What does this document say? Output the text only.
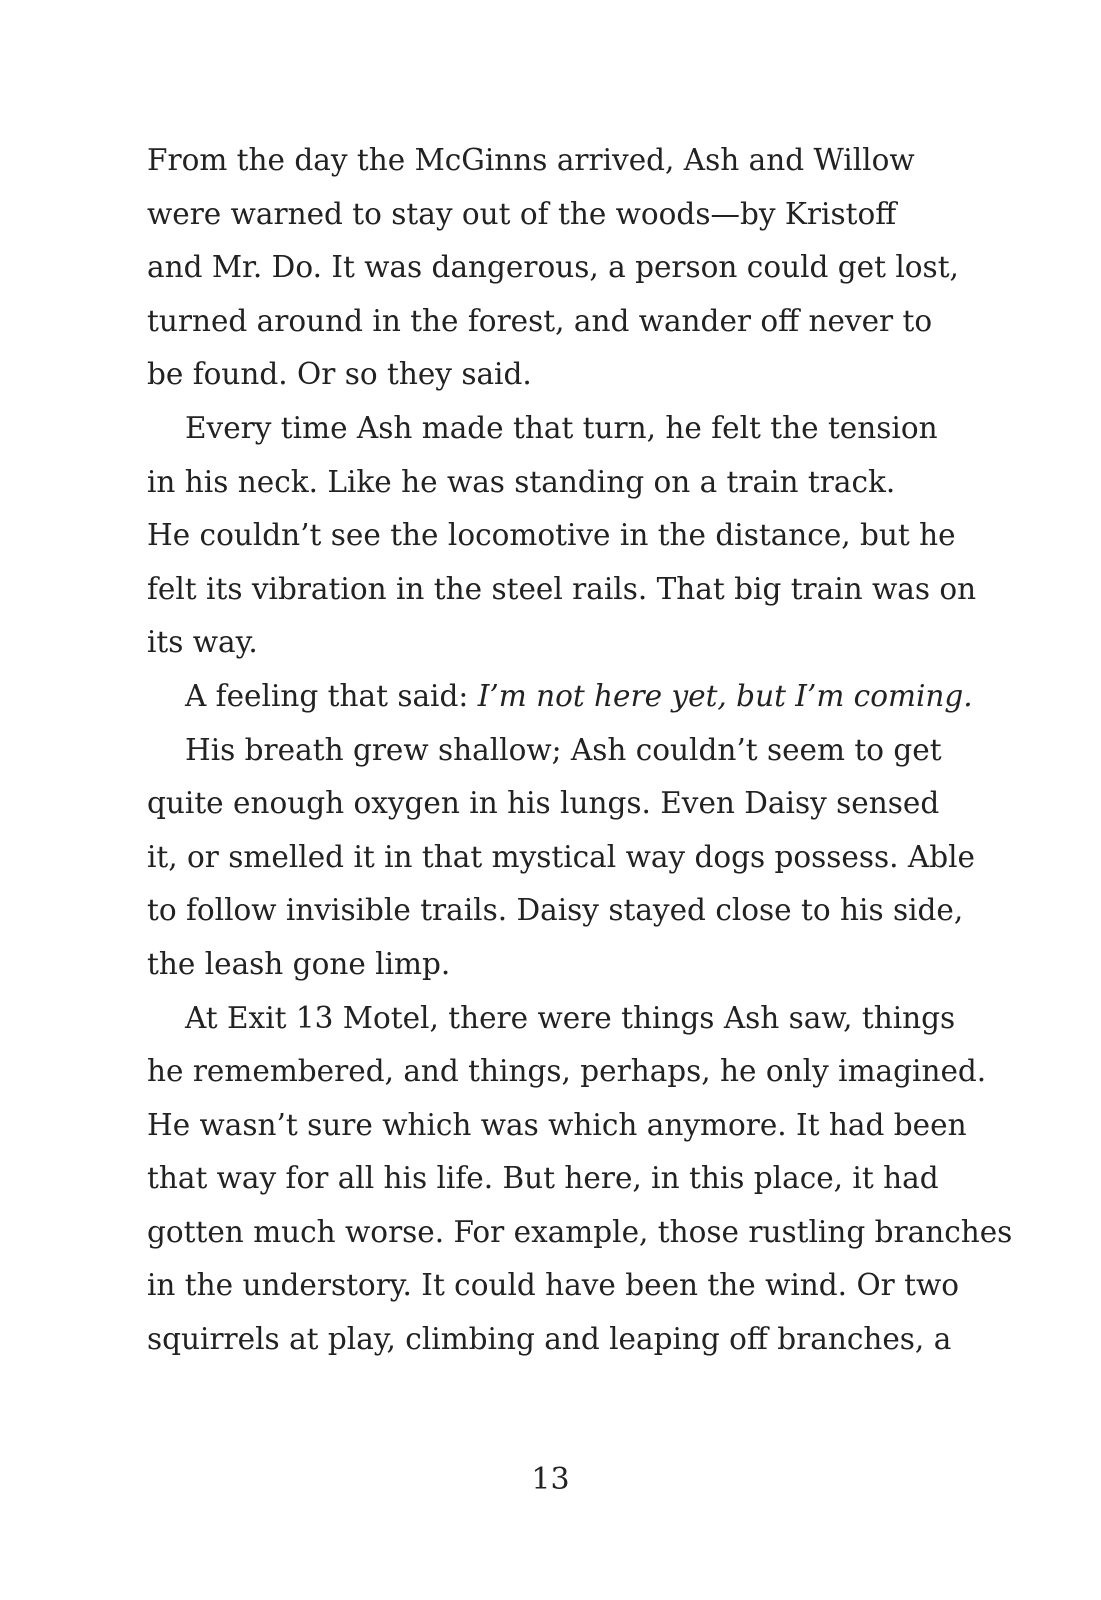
From the day the McGinns arrived, Ash and Willow
were warned to stay out of the woods—by Kristoff
and Mr. Do. It was dangerous, a person could get lost,
turned around in the forest, and wander off never to
be found. Or so they said.
Every time Ash made that turn, he felt the tension
in his neck. Like he was standing on a train track.
He couldn’t see the locomotive in the distance, but he
felt its vibration in the steel rails. That big train was on
its way.
A feeling that said: I’m not here yet, but I’m coming.
His breath grew shallow; Ash couldn’t seem to get
quite enough oxygen in his lungs. Even Daisy sensed
it, or smelled it in that mystical way dogs possess. Able
to follow invisible trails. Daisy stayed close to his side,
the leash gone limp.
At Exit 13 Motel, there were things Ash saw, things
he remembered, and things, perhaps, he only imagined.
He wasn’t sure which was which anymore. It had been
that way for all his life. But here, in this place, it had
gotten much worse. For example, those rustling branches
in the understory. It could have been the wind. Or two
squirrels at play, climbing and leaping off branches, a
13
